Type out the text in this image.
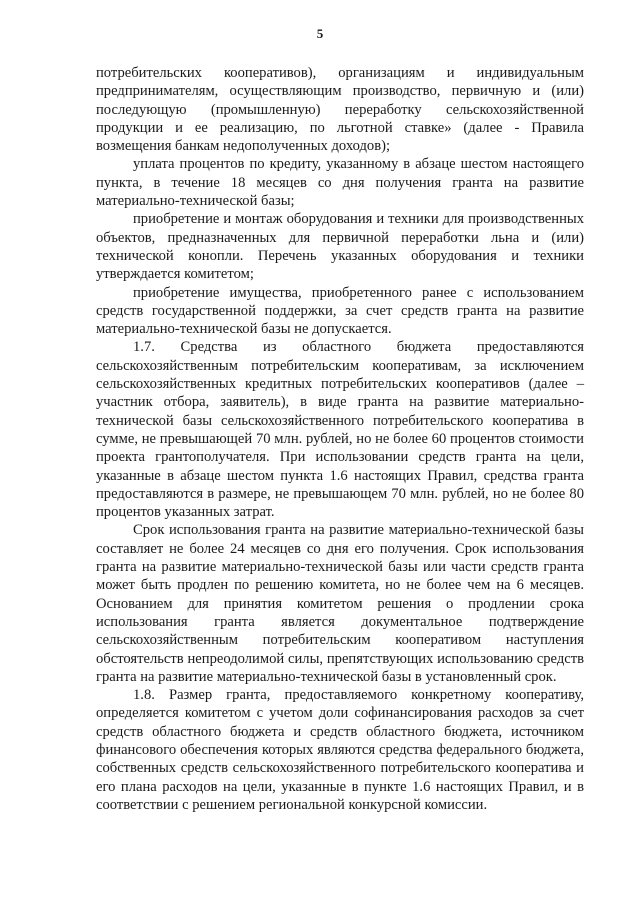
5

потребительских кооперативов), организациям и индивидуальным предпринимателям, осуществляющим производство, первичную и (или) последующую (промышленную) переработку сельскохозяйственной продукции и ее реализацию, по льготной ставке» (далее - Правила возмещения банкам недополученных доходов);

уплата процентов по кредиту, указанному в абзаце шестом настоящего пункта, в течение 18 месяцев со дня получения гранта на развитие материально-технической базы;

приобретение и монтаж оборудования и техники для производственных объектов, предназначенных для первичной переработки льна и (или) технической конопли. Перечень указанных оборудования и техники утверждается комитетом;

приобретение имущества, приобретенного ранее с использованием средств государственной поддержки, за счет средств гранта на развитие материально-технической базы не допускается.

1.7. Средства из областного бюджета предоставляются сельскохозяйственным потребительским кооперативам, за исключением сельскохозяйственных кредитных потребительских кооперативов (далее – участник отбора, заявитель), в виде гранта на развитие материально-технической базы сельскохозяйственного потребительского кооператива в сумме, не превышающей 70 млн. рублей, но не более 60 процентов стоимости проекта грантополучателя. При использовании средств гранта на цели, указанные в абзаце шестом пункта 1.6 настоящих Правил, средства гранта предоставляются в размере, не превышающем 70 млн. рублей, но не более 80 процентов указанных затрат.

Срок использования гранта на развитие материально-технической базы составляет не более 24 месяцев со дня его получения. Срок использования гранта на развитие материально-технической базы или части средств гранта может быть продлен по решению комитета, но не более чем на 6 месяцев. Основанием для принятия комитетом решения о продлении срока использования гранта является документальное подтверждение сельскохозяйственным потребительским кооперативом наступления обстоятельств непреодолимой силы, препятствующих использованию средств гранта на развитие материально-технической базы в установленный срок.

1.8. Размер гранта, предоставляемого конкретному кооперативу, определяется комитетом с учетом доли софинансирования расходов за счет средств областного бюджета и средств областного бюджета, источником финансового обеспечения которых являются средства федерального бюджета, собственных средств сельскохозяйственного потребительского кооператива и его плана расходов на цели, указанные в пункте 1.6 настоящих Правил, и в соответствии с решением региональной конкурсной комиссии.
